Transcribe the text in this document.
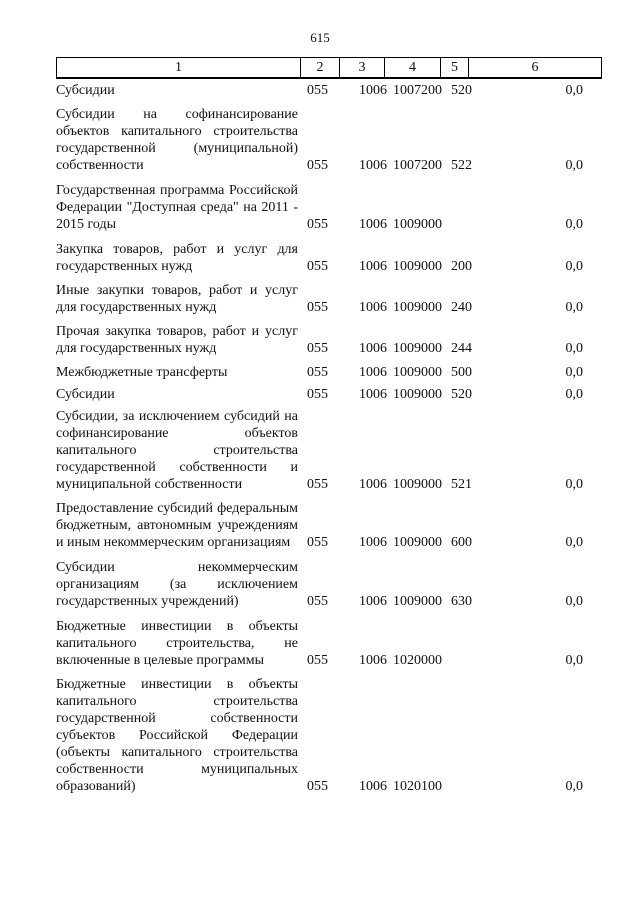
615
1	2	3	4	5	6
Субсидии	055	1006 1007200 520	0,0
Субсидии на софинансирование объектов капитального строительства государственной (муниципальной) собственности	055	1006 1007200 522	0,0
Государственная программа Российской Федерации "Доступная среда" на 2011 - 2015 годы	055	1006 1009000	0,0
Закупка товаров, работ и услуг для государственных нужд	055	1006 1009000 200	0,0
Иные закупки товаров, работ и услуг для государственных нужд	055	1006 1009000 240	0,0
Прочая закупка товаров, работ и услуг для государственных нужд	055	1006 1009000 244	0,0
Межбюджетные трансферты	055	1006 1009000 500	0,0
Субсидии	055	1006 1009000 520	0,0
Субсидии, за исключением субсидий на софинансирование объектов капитального строительства государственной собственности и муниципальной собственности	055	1006 1009000 521	0,0
Предоставление субсидий федеральным бюджетным, автономным учреждениям и иным некоммерческим организациям	055	1006 1009000 600	0,0
Субсидии некоммерческим организациям (за исключением государственных учреждений)	055	1006 1009000 630	0,0
Бюджетные инвестиции в объекты капитального строительства, не включенные в целевые программы	055	1006 1020000	0,0
Бюджетные инвестиции в объекты капитального строительства государственной собственности субъектов Российской Федерации (объекты капитального строительства собственности муниципальных образований)	055	1006 1020100	0,0
